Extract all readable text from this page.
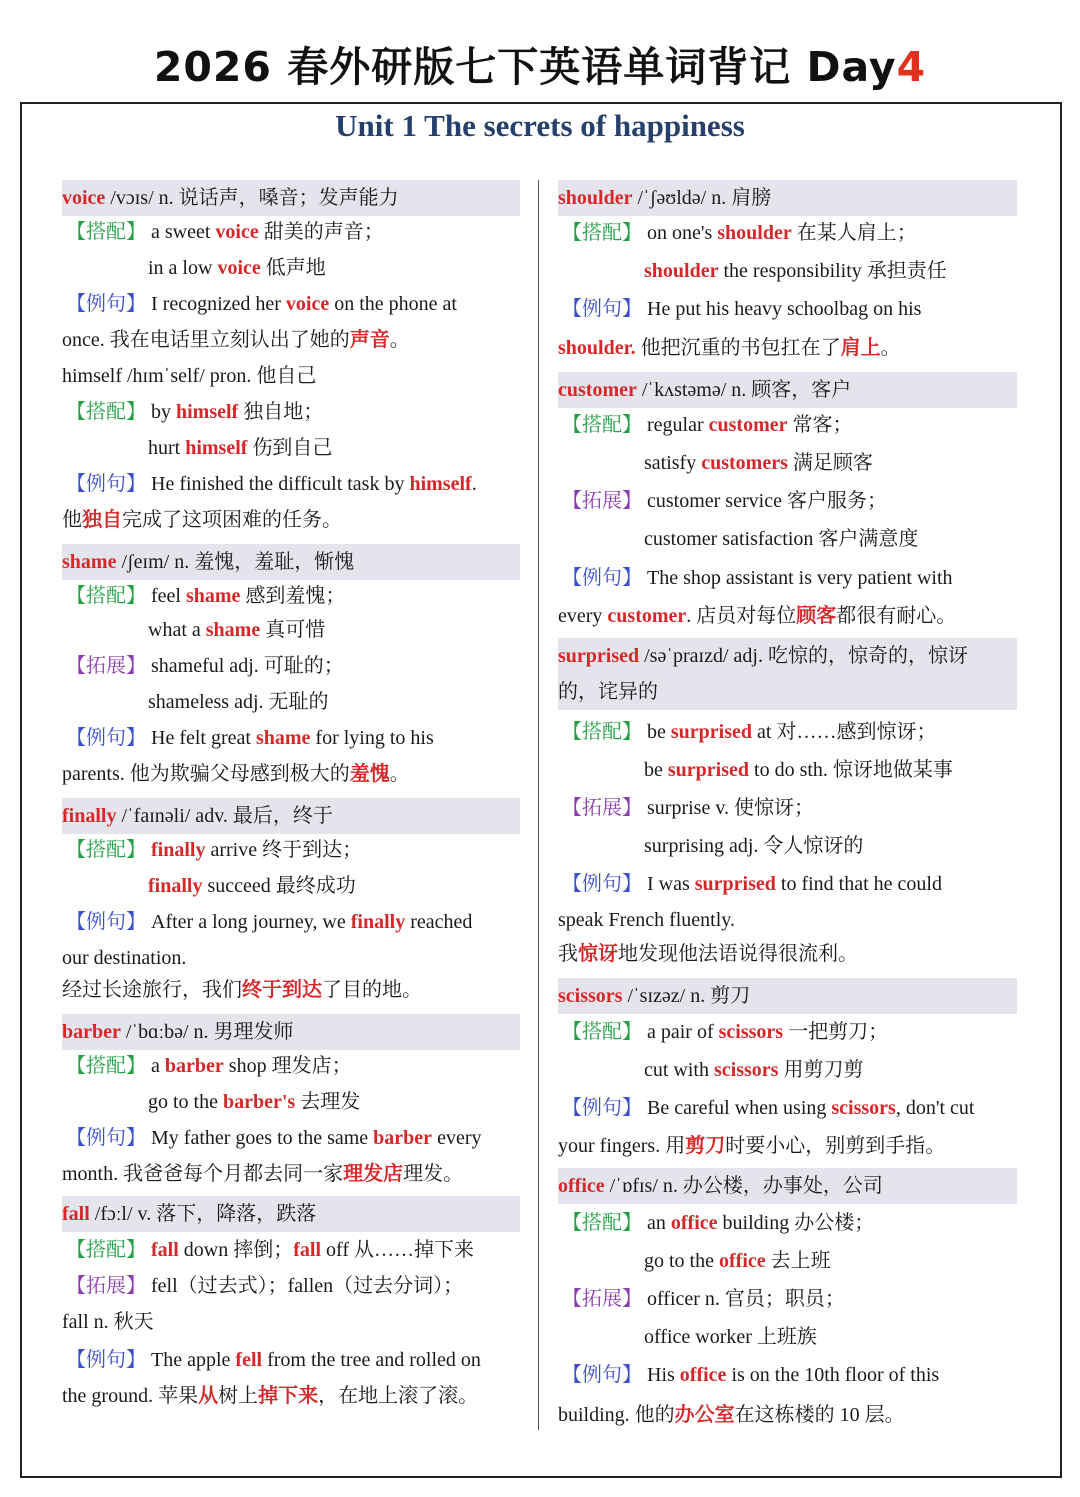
2026 春外研版七下英语单词背记 Day4
Unit 1 The secrets of happiness
voice /vɔɪs/ n. 说话声，嗓音；发声能力
【搭配】 a sweet voice 甜美的声音；
in a low voice 低声地
【例句】 I recognized her voice on the phone at
once. 我在电话里立刻认出了她的声音。
himself /hɪmˈself/ pron. 他自己
【搭配】 by himself 独自地；
hurt himself 伤到自己
【例句】 He finished the difficult task by himself.
他独自完成了这项困难的任务。
shame /ʃeɪm/ n. 羞愧，羞耻，惭愧
【搭配】 feel shame 感到羞愧；
what a shame 真可惜
【拓展】 shameful adj. 可耻的；
shameless adj. 无耻的
【例句】 He felt great shame for lying to his
parents. 他为欺骗父母感到极大的羞愧。
finally /ˈfaɪnəli/ adv. 最后，终于
【搭配】 finally arrive 终于到达；
finally succeed 最终成功
【例句】 After a long journey, we finally reached
our destination.
经过长途旅行，我们终于到达了目的地。
barber /ˈbɑːbə/ n. 男理发师
【搭配】 a barber shop 理发店；
go to the barber's 去理发
【例句】 My father goes to the same barber every
month. 我爸爸每个月都去同一家理发店理发。
fall /fɔːl/ v. 落下，降落，跌落
【搭配】 fall down 摔倒；fall off 从……掉下来
【拓展】 fell（过去式）；fallen（过去分词）；
fall n. 秋天
【例句】 The apple fell from the tree and rolled on
the ground. 苹果从树上掉下来，在地上滚了滚。
shoulder /ˈʃəʊldə/ n. 肩膀
【搭配】 on one's shoulder 在某人肩上；
shoulder the responsibility 承担责任
【例句】 He put his heavy schoolbag on his
shoulder. 他把沉重的书包扛在了肩上。
customer /ˈkʌstəmə/ n. 顾客，客户
【搭配】 regular customer 常客；
satisfy customers 满足顾客
【拓展】 customer service 客户服务；
customer satisfaction 客户满意度
【例句】 The shop assistant is very patient with
every customer. 店员对每位顾客都很有耐心。
surprised /səˈpraɪzd/ adj. 吃惊的，惊奇的，惊讶
的，诧异的
【搭配】 be surprised at 对……感到惊讶；
be surprised to do sth. 惊讶地做某事
【拓展】 surprise v. 使惊讶；
surprising adj. 令人惊讶的
【例句】 I was surprised to find that he could
speak French fluently.
我惊讶地发现他法语说得很流利。
scissors /ˈsɪzəz/ n. 剪刀
【搭配】 a pair of scissors 一把剪刀；
cut with scissors 用剪刀剪
【例句】 Be careful when using scissors, don't cut
your fingers. 用剪刀时要小心，别剪到手指。
office /ˈɒfɪs/ n. 办公楼，办事处，公司
【搭配】 an office building 办公楼；
go to the office 去上班
【拓展】 officer n. 官员；职员；
office worker 上班族
【例句】 His office is on the 10th floor of this
building. 他的办公室在这栋楼的 10 层。
